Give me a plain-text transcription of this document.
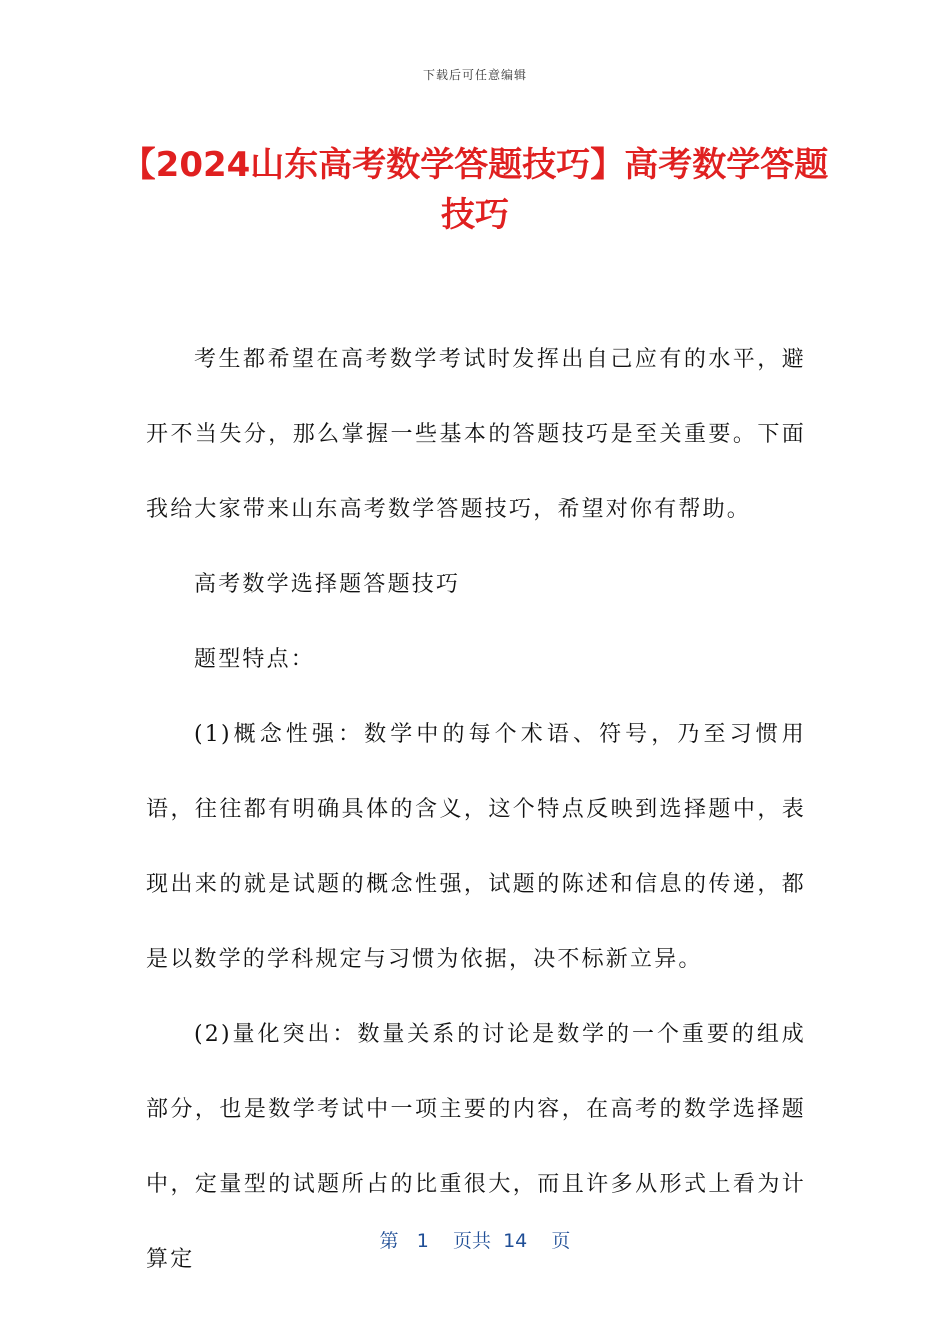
下载后可任意编辑
【2024山东高考数学答题技巧】高考数学答题技巧

考生都希望在高考数学考试时发挥出自己应有的水平，避开不当失分，那么掌握一些基本的答题技巧是至关重要。下面我给大家带来山东高考数学答题技巧，希望对你有帮助。

高考数学选择题答题技巧

题型特点：

(1)概念性强：数学中的每个术语、符号，乃至习惯用语，往往都有明确具体的含义，这个特点反映到选择题中，表现出来的就是试题的概念性强，试题的陈述和信息的传递，都是以数学的学科规定与习惯为依据，决不标新立异。

(2)量化突出：数量关系的讨论是数学的一个重要的组成部分，也是数学考试中一项主要的内容，在高考的数学选择题中，定量型的试题所占的比重很大，而且许多从形式上看为计算定

第 1 页共 14 页
